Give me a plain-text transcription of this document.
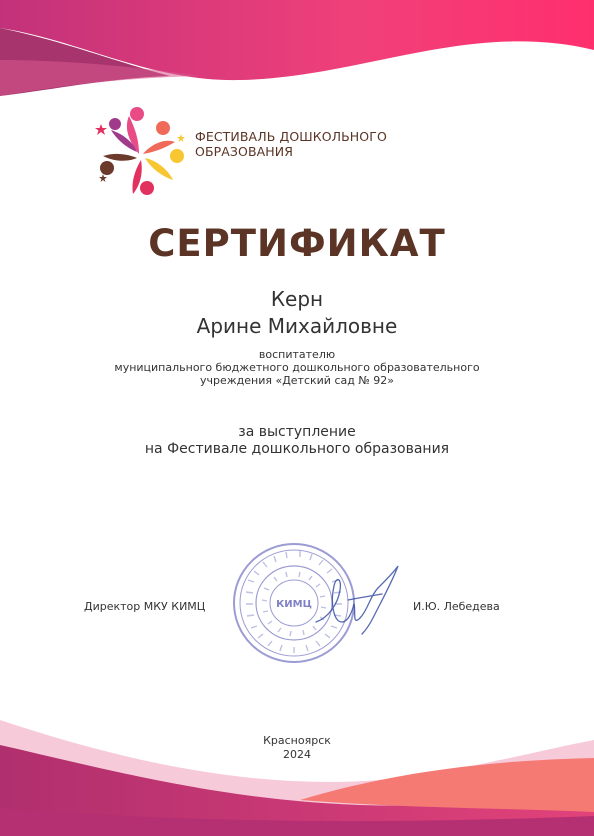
ФЕСТИВАЛЬ ДОШКОЛЬНОГО
ОБРАЗОВАНИЯ
СЕРТИФИКАТ
Керн
Арине Михайловне
воспитателю
муниципального бюджетного дошкольного образовательного
учреждения «Детский сад № 92»
за выступление
на Фестивале дошкольного образования
Директор МКУ КИМЦ	КИМЦ	И.Ю. Лебедева
Красноярск
2024
